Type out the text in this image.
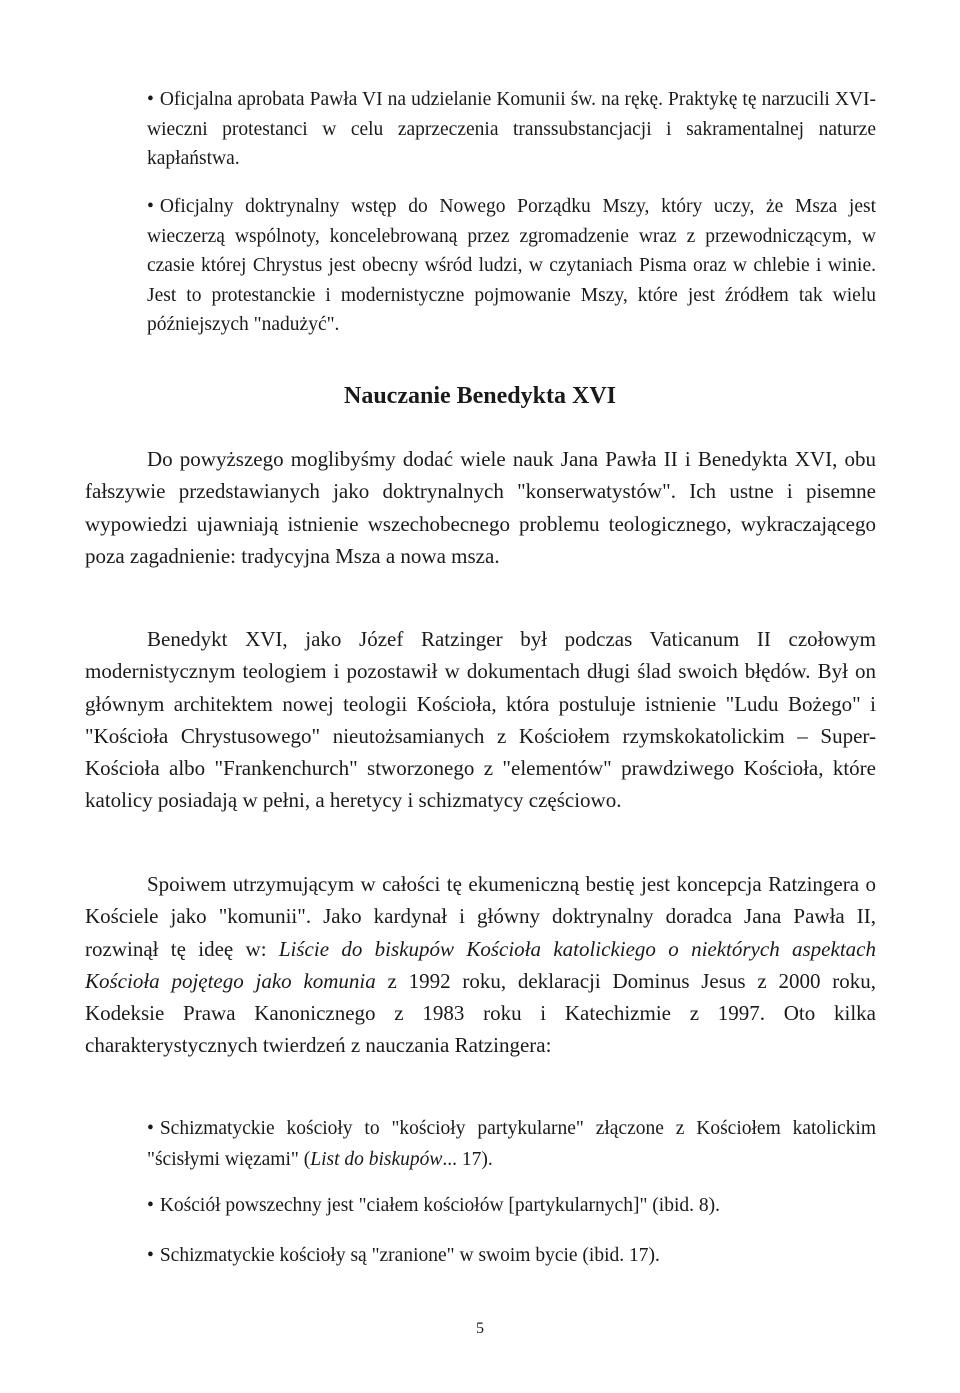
• Oficjalna aprobata Pawła VI na udzielanie Komunii św. na rękę. Praktykę tę narzucili XVI-wieczni protestanci w celu zaprzeczenia transsubstancjacji i sakramentalnej naturze kapłaństwa.
• Oficjalny doktrynalny wstęp do Nowego Porządku Mszy, który uczy, że Msza jest wieczerzą wspólnoty, koncelebrowaną przez zgromadzenie wraz z przewodniczącym, w czasie której Chrystus jest obecny wśród ludzi, w czytaniach Pisma oraz w chlebie i winie. Jest to protestanckie i modernistyczne pojmowanie Mszy, które jest źródłem tak wielu późniejszych "nadużyć".
Nauczanie Benedykta XVI
Do powyższego moglibyśmy dodać wiele nauk Jana Pawła II i Benedykta XVI, obu fałszywie przedstawianych jako doktrynalnych "konserwatystów". Ich ustne i pisemne wypowiedzi ujawniają istnienie wszechobecnego problemu teologicznego, wykraczającego poza zagadnienie: tradycyjna Msza a nowa msza.
Benedykt XVI, jako Józef Ratzinger był podczas Vaticanum II czołowym modernistycznym teologiem i pozostawił w dokumentach długi ślad swoich błędów. Był on głównym architektem nowej teologii Kościoła, która postuluje istnienie "Ludu Bożego" i "Kościoła Chrystusowego" nieutożsamianych z Kościołem rzymskokatolickim – Super-Kościoła albo "Frankenchurch" stworzonego z "elementów" prawdziwego Kościoła, które katolicy posiadają w pełni, a heretycy i schizmatycy częściowo.
Spoiwem utrzymującym w całości tę ekumeniczną bestię jest koncepcja Ratzingera o Kościele jako "komunii". Jako kardynał i główny doktrynalny doradca Jana Pawła II, rozwinął tę ideę w: Liście do biskupów Kościoła katolickiego o niektórych aspektach Kościoła pojętego jako komunia z 1992 roku, deklaracji Dominus Jesus z 2000 roku, Kodeksie Prawa Kanonicznego z 1983 roku i Katechizmie z 1997. Oto kilka charakterystycznych twierdzeń z nauczania Ratzingera:
• Schizmatyckie kościoły to "kościoły partykularne" złączone z Kościołem katolickim "ścisłymi więzami" (List do biskupów... 17).
• Kościół powszechny jest "ciałem kościołów [partykularnych]" (ibid. 8).
• Schizmatyckie kościoły są "zranione" w swoim bycie (ibid. 17).
5
